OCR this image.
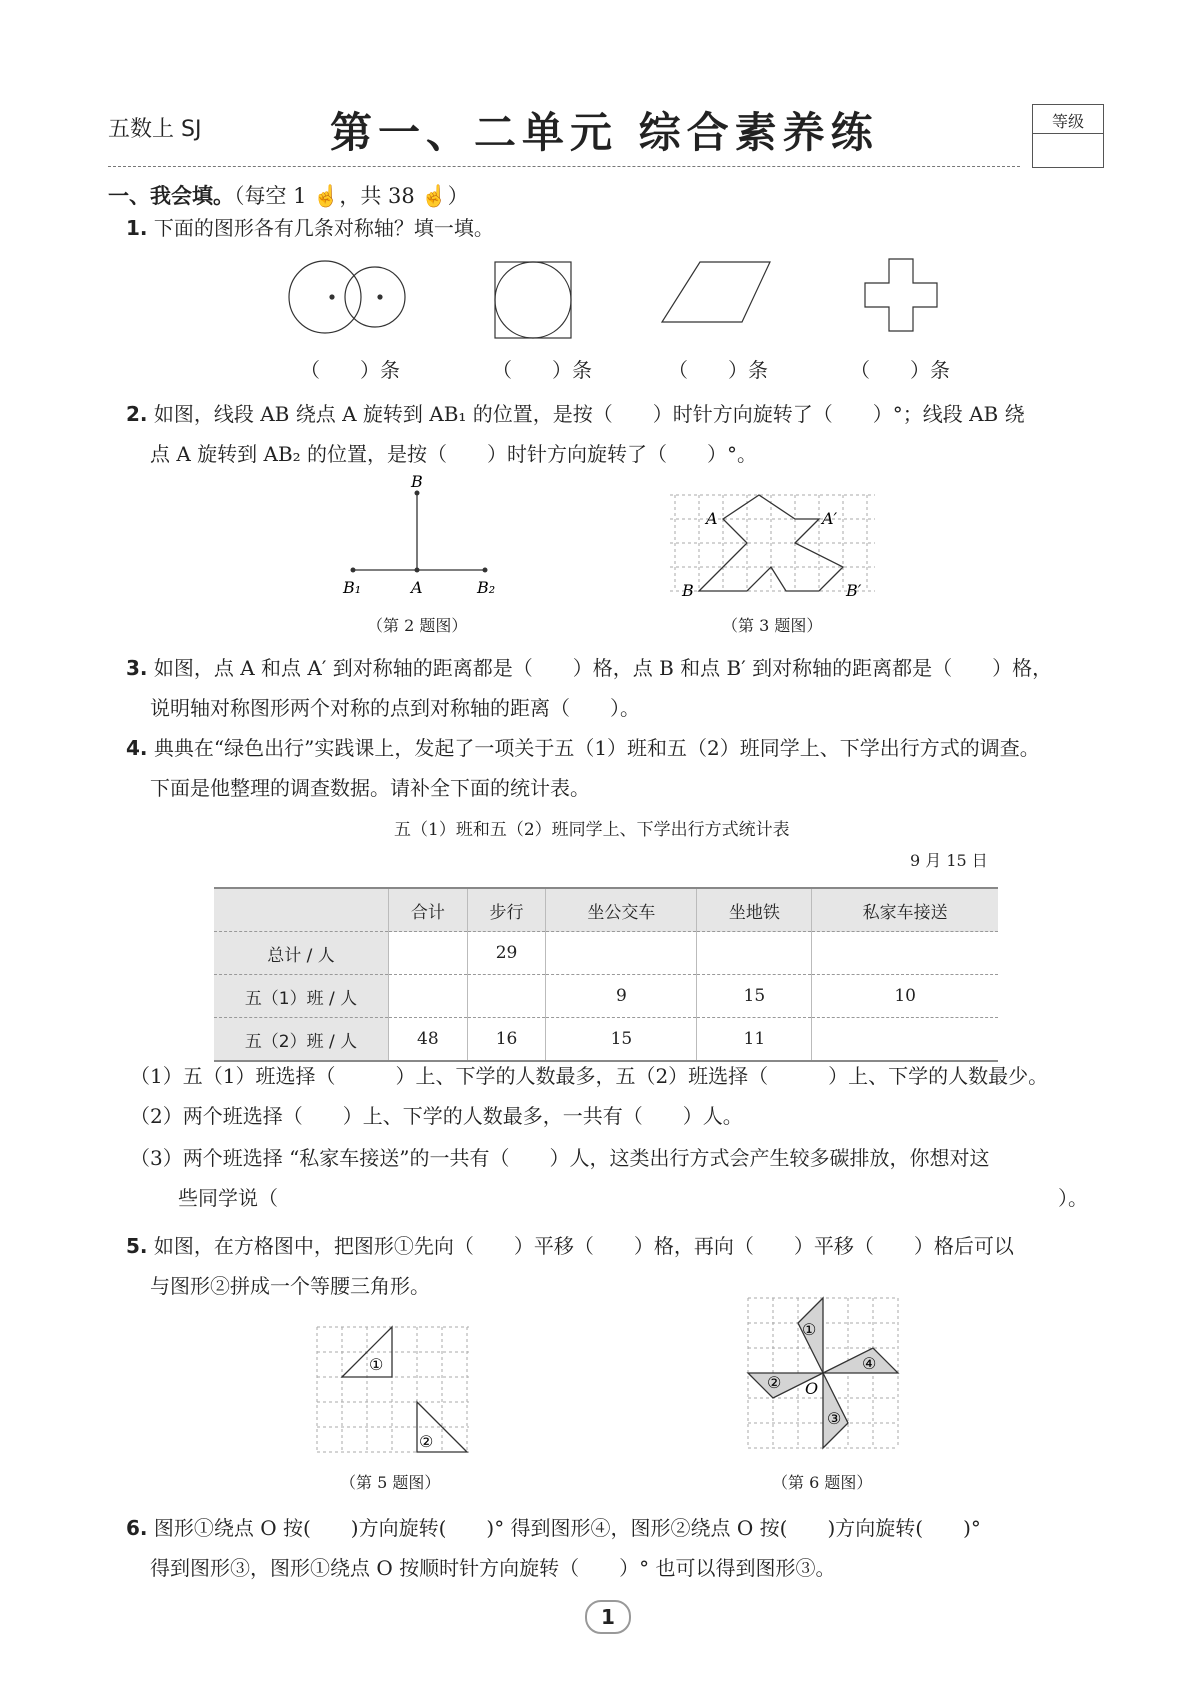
五数上 SJ	第一、二单元 综合素养练	等级
一、我会填。（每空 1 ☝，共 38 ☝）
1. 下面的图形各有几条对称轴？填一填。
（　　）条	（　　）条	（　　）条	（　　）条
2. 如图，线段 AB 绕点 A 旋转到 AB₁ 的位置，是按（　　）时针方向旋转了（　　）°；线段 AB 绕
点 A 旋转到 AB₂ 的位置，是按（　　）时针方向旋转了（　　）°。
B
B₁	A	B₂
（第 2 题图）
A	A′
B	B′
（第 3 题图）
3. 如图，点 A 和点 A′ 到对称轴的距离都是（　　）格，点 B 和点 B′ 到对称轴的距离都是（　　）格，
说明轴对称图形两个对称的点到对称轴的距离（　　）。
4. 典典在“绿色出行”实践课上，发起了一项关于五（1）班和五（2）班同学上、下学出行方式的调查。
下面是他整理的调查数据。请补全下面的统计表。
五（1）班和五（2）班同学上、下学出行方式统计表
9 月 15 日
	合计	步行	坐公交车	坐地铁	私家车接送
总计 / 人		29			
五（1）班 / 人			9	15	10
五（2）班 / 人	48	16	15	11	
（1）五（1）班选择（　　　）上、下学的人数最多，五（2）班选择（　　　）上、下学的人数最少。
（2）两个班选择（　　）上、下学的人数最多，一共有（　　）人。
（3）两个班选择 “私家车接送”的一共有（　　）人，这类出行方式会产生较多碳排放，你想对这
些同学说（	）。
5. 如图，在方格图中，把图形①先向（　　）平移（　　）格，再向（　　）平移（　　）格后可以
与图形②拼成一个等腰三角形。
①
②
（第 5 题图）
①
④
②
③
O
（第 6 题图）
6. 图形①绕点 O 按(　　)方向旋转(　　)° 得到图形④，图形②绕点 O 按(　　)方向旋转(　　)°
得到图形③，图形①绕点 O 按顺时针方向旋转（　　）° 也可以得到图形③。
1
